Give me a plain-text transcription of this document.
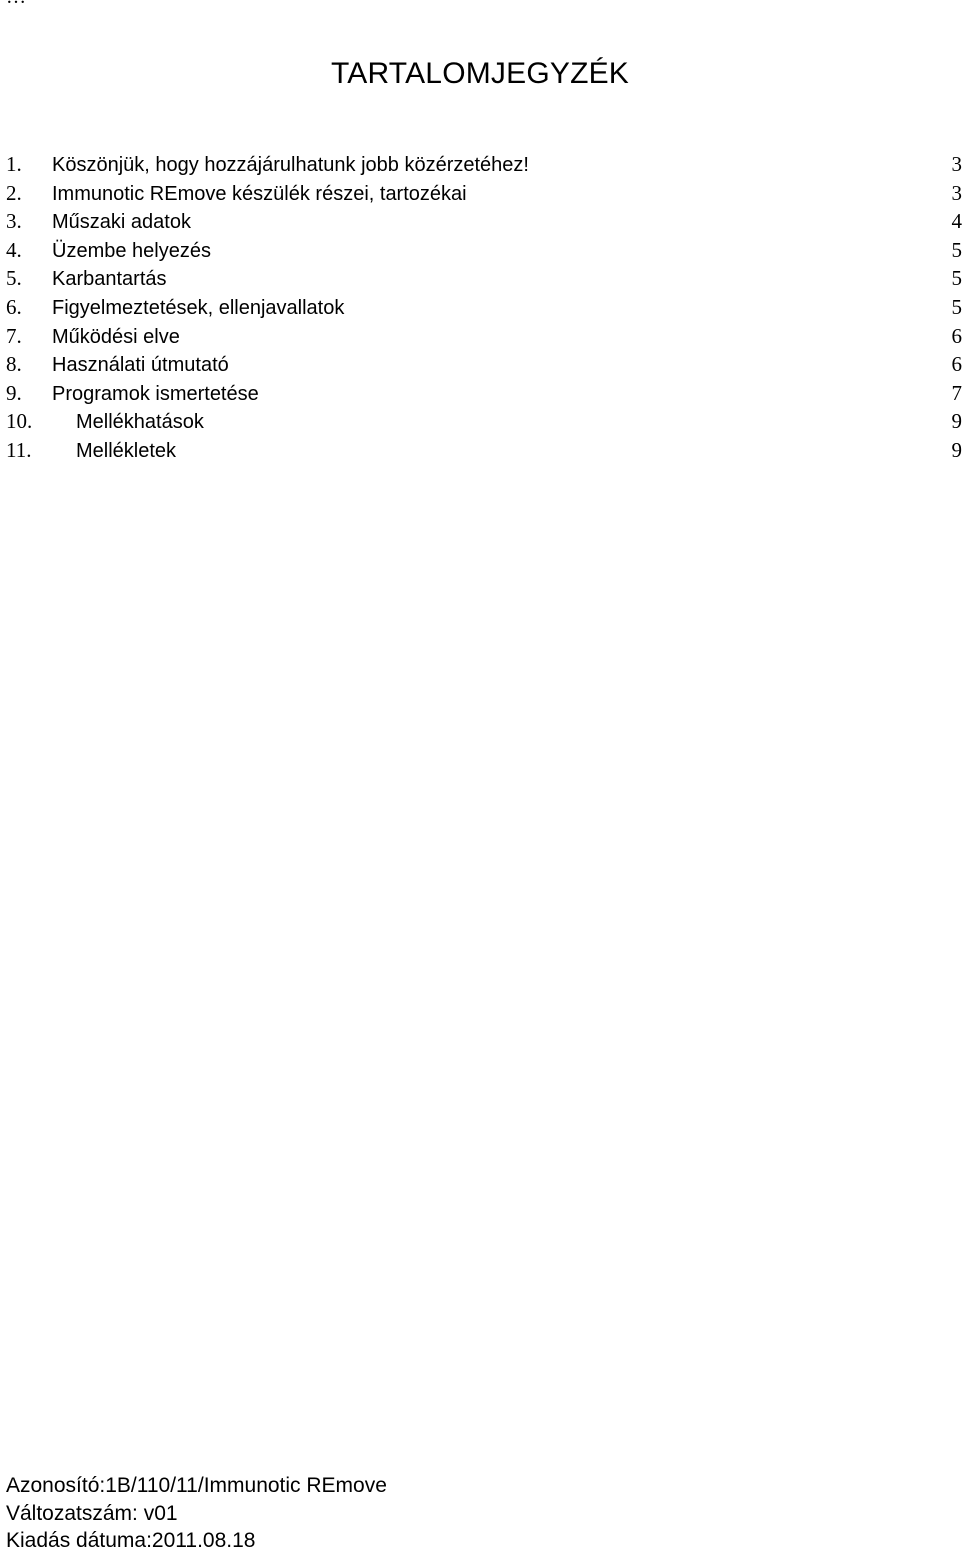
TARTALOMJEGYZÉK
1.	Köszönjük, hogy hozzájárulhatunk jobb közérzetéhez!	3
2.	Immunotic REmove készülék részei, tartozékai	3
3.	Műszaki adatok	4
4.	Üzembe helyezés	5
5.	Karbantartás	5
6.	Figyelmeztetések, ellenjavallatok	5
7.	Működési elve	6
8.	Használati útmutató	6
9.	Programok ismertetése	7
10.	Mellékhatások	9
11.	Mellékletek	9
Azonosító:1B/110/11/Immunotic REmove
Változatszám: v01
Kiadás dátuma:2011.08.18
